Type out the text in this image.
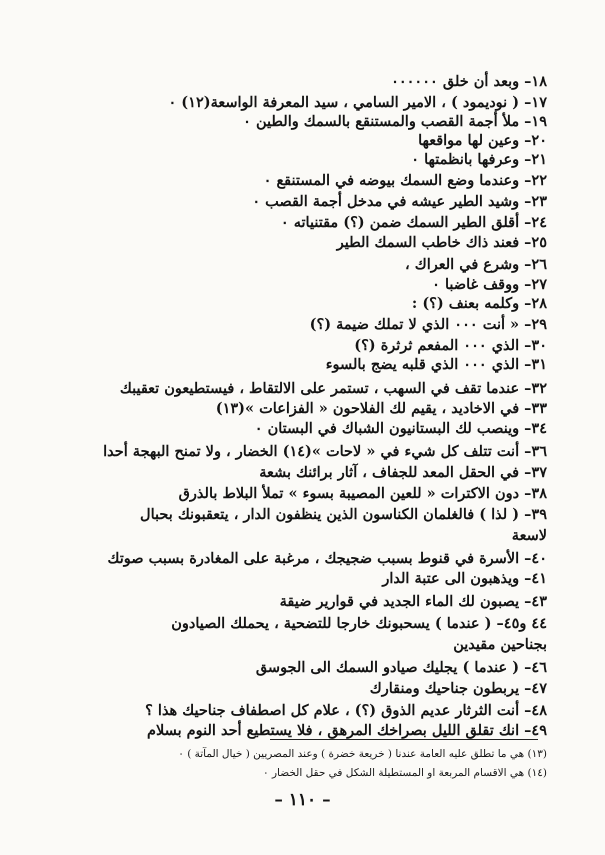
١٨– وبعد أن خلق ٠٠٠٠٠٠
١٧– ( نوديمود ) ، الامير السامي ، سيد المعرفة الواسعة(١٢) ٠
١٩– ملأ أجمة القصب والمستنقع بالسمك والطين ٠
٢٠– وعين لها مواقعها
٢١– وعرفها بانظمتها ٠
٢٢– وعندما وضع السمك بيوضه في المستنقع ٠
٢٣– وشيد الطير عيشه في مدخل أجمة القصب ٠
٢٤– أقلق الطير السمك ضمن (؟) مقتنياته ٠
٢٥– فعند ذاك خاطب السمك الطير
٢٦– وشرع في العراك ،
٢٧– ووقف غاضبا ٠
٢٨– وكلمه بعنف (؟) :
٢٩– « أنت ٠٠٠ الذي لا تملك ضيمة (؟)
٣٠– الذي ٠٠٠ المفعم ثرثرة (؟)
٣١– الذي ٠٠٠ الذي قلبه يضج بالسوء
٣٢– عندما تقف في السهب ، تستمر على الالتقاط ، فيستطيعون تعقيبك
٣٣– في الاخاديد ، يقيم لك الفلاحون « الفزاعات »(١٣)
٣٤– وينصب لك البستانيون الشباك في البستان ٠
٣٦– أنت تتلف كل شيء في « لاحات »(١٤) الخضار ، ولا تمنح البهجة أحدا
٣٧– في الحقل المعد للجفاف ، آثار برائنك بشعة
٣٨– دون الاكترات « للعين المصيبة بسوء » تملأ البلاط بالذرق
٣٩– ( لذا ) فالغلمان الكناسون الذين ينظفون الدار ، يتعقبونك بحبال
لاسعة
٤٠– الأسرة في قنوط بسبب ضجيجك ، مرغبة على المغادرة بسبب صوتك
٤١– ويذهبون الى عتبة الدار
٤٣– يصبون لك الماء الجديد في قوارير ضيقة
٤٤ و٤٥– ( عندما ) يسحبونك خارجا للتضحية ، يحملك الصيادون
بجناحين مقيدين
٤٦– ( عندما ) يجليك صيادو السمك الى الجوسق
٤٧– يربطون جناحيك ومنقارك
٤٨– أنت الثرثار عديم الذوق (؟) ، علام كل اصطفاف جناحيك هذا ؟
٤٩– انك تقلق الليل بصراخك المرهق ، فلا يستطيع أحد النوم بسلام
(١٣) هي ما تطلق عليه العامة عندنا ( خريعة خضرة ) وعند المصريين ( خيال المآتة ) ٠
(١٤) هي الاقسام المربعة او المستطيلة الشكل في حقل الخضار ٠
– ١١٠ –
